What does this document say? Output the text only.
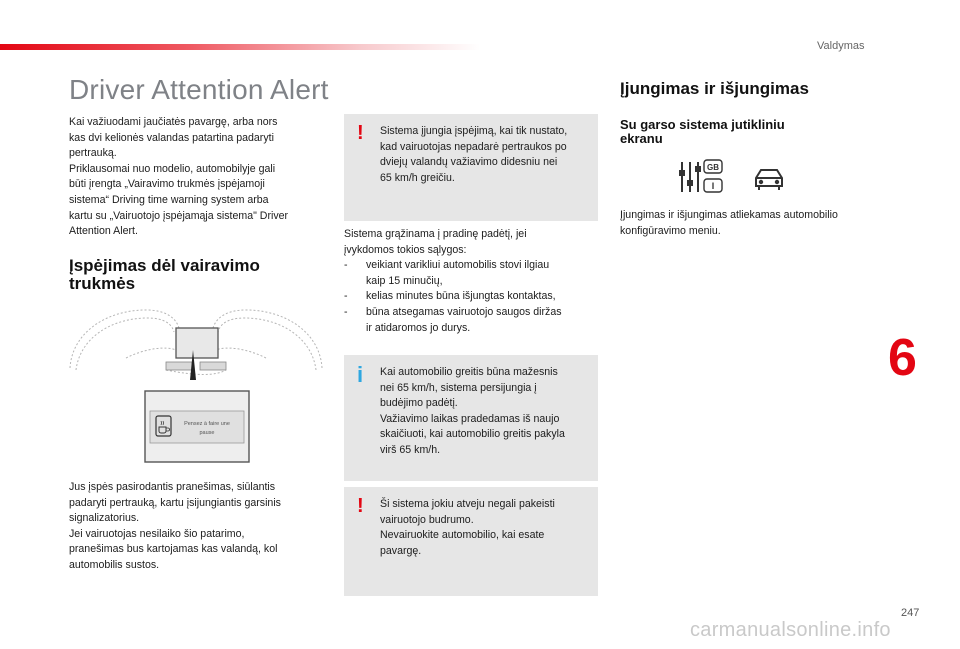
Valdymas
Driver Attention Alert
Kai važiuodami jaučiatės pavargę, arba nors
kas dvi kelionės valandas patartina padaryti
pertrauką.
Priklausomai nuo modelio, automobilyje gali
būti įrengta „Vairavimo trukmės įspėjamoji
sistema“ Driving time warning system arba
kartu su „Vairuotojo įspėjamąja sistema" Driver
Attention Alert.
Įspėjimas dėl vairavimo
trukmės
Pensez à faire une
pause
Jus įspės pasirodantis pranešimas, siūlantis
padaryti pertrauką, kartu įsijungiantis garsinis
signalizatorius.
Jei vairuotojas nesilaiko šio patarimo,
pranešimas bus kartojamas kas valandą, kol
automobilis sustos.
! Sistema įjungia įspėjimą, kai tik nustato,
kad vairuotojas nepadarė pertraukos po
dviejų valandų važiavimo didesniu nei
65 km/h greičiu.
Sistema grąžinama į pradinę padėtį, jei
įvykdomos tokios sąlygos:
- veikiant varikliui automobilis stovi ilgiau
kaip 15 minučių,
- kelias minutes būna išjungtas kontaktas,
- būna atsegamas vairuotojo saugos diržas
ir atidaromos jo durys.
i Kai automobilio greitis būna mažesnis
nei 65 km/h, sistema persijungia į
budėjimo padėtį.
Važiavimo laikas pradedamas iš naujo
skaičiuoti, kai automobilio greitis pakyla
virš 65 km/h.
! Ši sistema jokiu atveju negali pakeisti
vairuotojo budrumo.
Nevairuokite automobilio, kai esate
pavargę.
Įjungimas ir išjungimas
Su garso sistema jutikliniu
ekranu
GB
I
Įjungimas ir išjungimas atliekamas automobilio
konfigūravimo meniu.
6
247
carmanualsonline.info
